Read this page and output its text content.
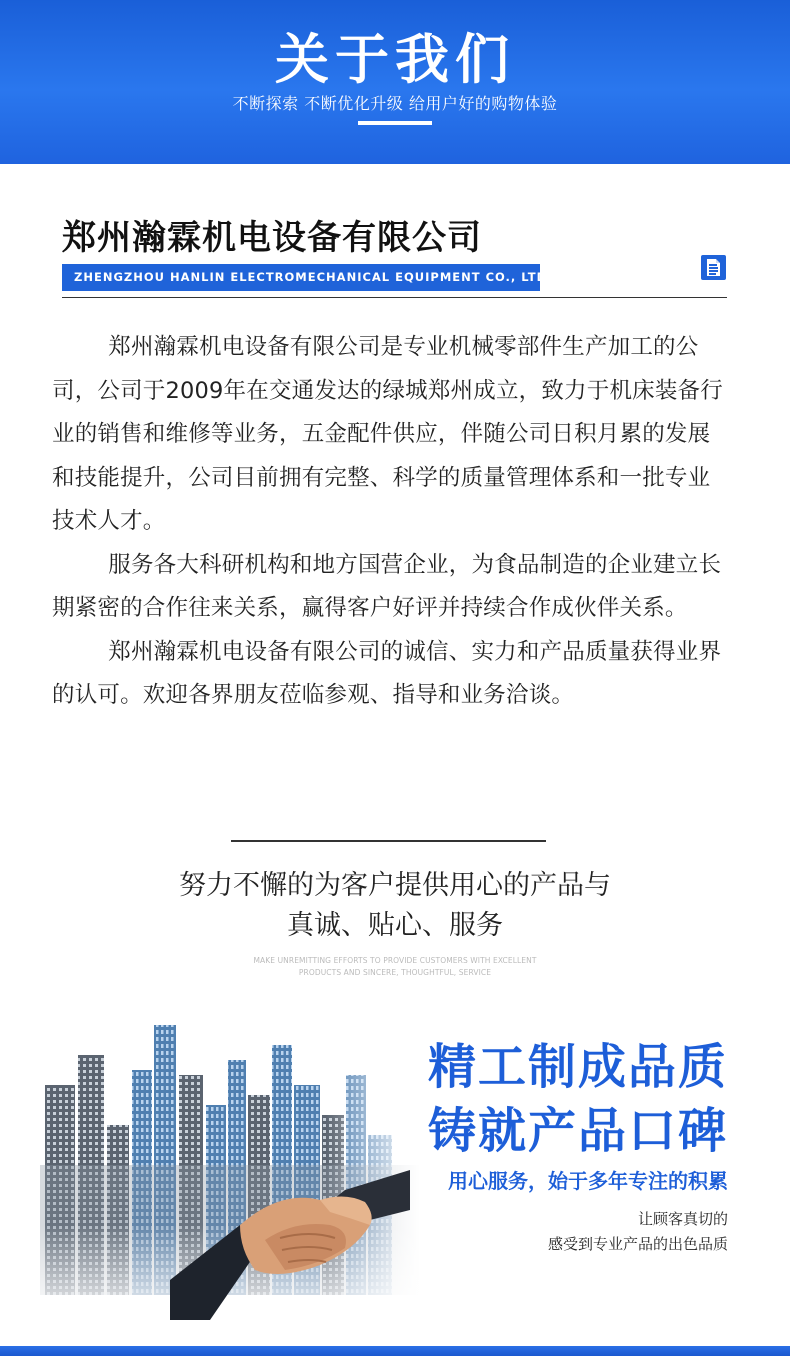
关于我们
不断探索 不断优化升级 给用户好的购物体验
郑州瀚霖机电设备有限公司
ZHENGZHOU HANLIN ELECTROMECHANICAL EQUIPMENT CO., LTD

郑州瀚霖机电设备有限公司是专业机械零部件生产加工的公司，公司于2009年在交通发达的绿城郑州成立，致力于机床装备行业的销售和维修等业务，五金配件供应，伴随公司日积月累的发展和技能提升，公司目前拥有完整、科学的质量管理体系和一批专业技术人才。

服务各大科研机构和地方国营企业，为食品制造的企业建立长期紧密的合作往来关系，赢得客户好评并持续合作成伙伴关系。

郑州瀚霖机电设备有限公司的诚信、实力和产品质量获得业界的认可。欢迎各界朋友莅临参观、指导和业务洽谈。

努力不懈的为客户提供用心的产品与
真诚、贴心、服务
MAKE UNREMITTING EFFORTS TO PROVIDE CUSTOMERS WITH EXCELLENT
PRODUCTS AND SINCERE, THOUGHTFUL, SERVICE
精工制成品质
铸就产品口碑
用心服务，始于多年专注的积累
让顾客真切的
感受到专业产品的出色品质
